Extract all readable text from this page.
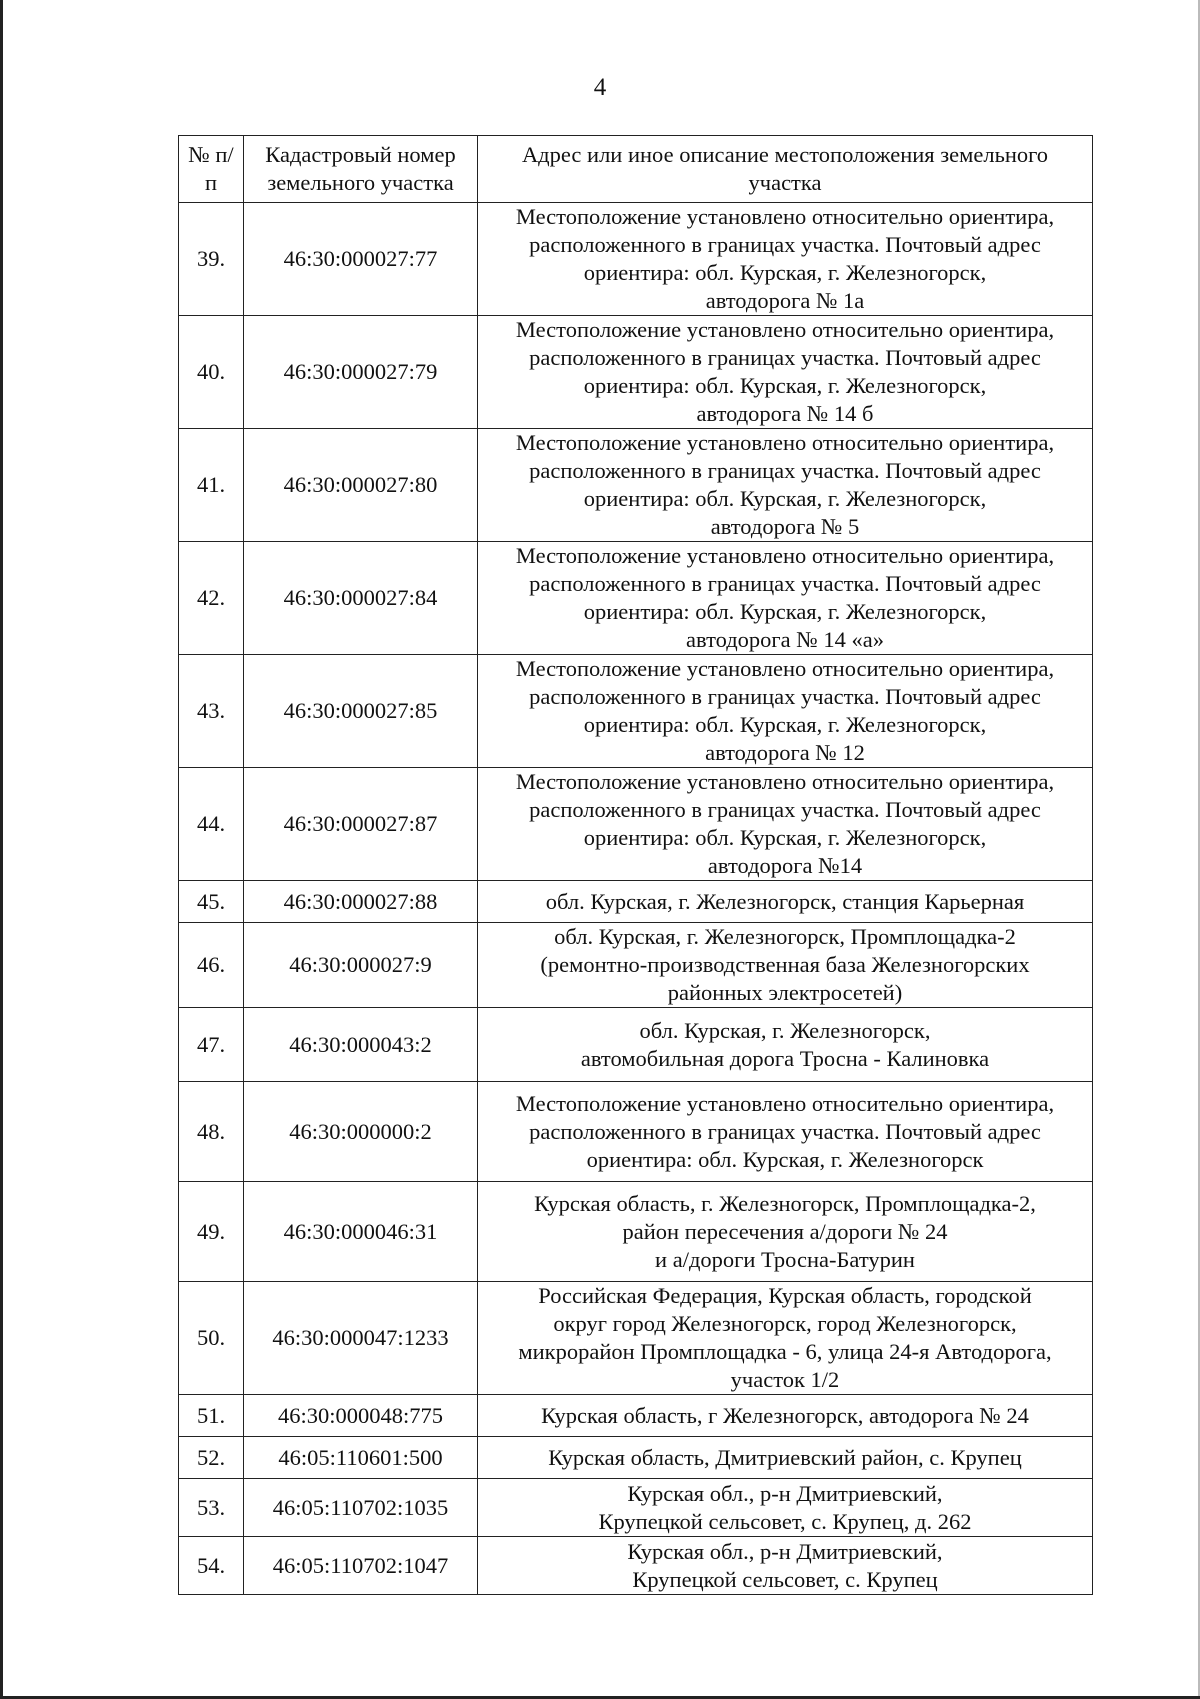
4
№ п/п	Кадастровый номер земельного участка	Адрес или иное описание местоположения земельного участка
39.	46:30:000027:77	Местоположение установлено относительно ориентира,
расположенного в границах участка. Почтовый адрес
ориентира: обл. Курская, г. Железногорск,
автодорога № 1а

40.	46:30:000027:79	Местоположение установлено относительно ориентира,
расположенного в границах участка. Почтовый адрес
ориентира: обл. Курская, г. Железногорск,
автодорога № 14 б

41.	46:30:000027:80	Местоположение установлено относительно ориентира,
расположенного в границах участка. Почтовый адрес
ориентира: обл. Курская, г. Железногорск,
автодорога № 5

42.	46:30:000027:84	Местоположение установлено относительно ориентира,
расположенного в границах участка. Почтовый адрес
ориентира: обл. Курская, г. Железногорск,
автодорога № 14 «а»

43.	46:30:000027:85	Местоположение установлено относительно ориентира,
расположенного в границах участка. Почтовый адрес
ориентира: обл. Курская, г. Железногорск,
автодорога № 12

44.	46:30:000027:87	Местоположение установлено относительно ориентира,
расположенного в границах участка. Почтовый адрес
ориентира: обл. Курская, г. Железногорск,
автодорога №14

45.	46:30:000027:88	обл. Курская, г. Железногорск, станция Карьерная

46.	46:30:000027:9	обл. Курская, г. Железногорск, Промплощадка-2
(ремонтно-производственная база Железногорских
районных электросетей)

47.	46:30:000043:2	обл. Курская, г. Железногорск,
автомобильная дорога Тросна - Калиновка

48.	46:30:000000:2	Местоположение установлено относительно ориентира,
расположенного в границах участка. Почтовый адрес
ориентира: обл. Курская, г. Железногорск

49.	46:30:000046:31	Курская область, г. Железногорск, Промплощадка-2,
район пересечения а/дороги № 24
и а/дороги Тросна-Батурин

50.	46:30:000047:1233	Российская Федерация, Курская область, городской
округ город Железногорск, город Железногорск,
микрорайон Промплощадка - 6, улица 24-я Автодорога,
участок 1/2

51.	46:30:000048:775	Курская область, г Железногорск, автодорога № 24

52.	46:05:110601:500	Курская область, Дмитриевский район, с. Крупец

53.	46:05:110702:1035	Курская обл., р-н Дмитриевский,
Крупецкой сельсовет, с. Крупец, д. 262

54.	46:05:110702:1047	Курская обл., р-н Дмитриевский,
Крупецкой сельсовет, с. Крупец
